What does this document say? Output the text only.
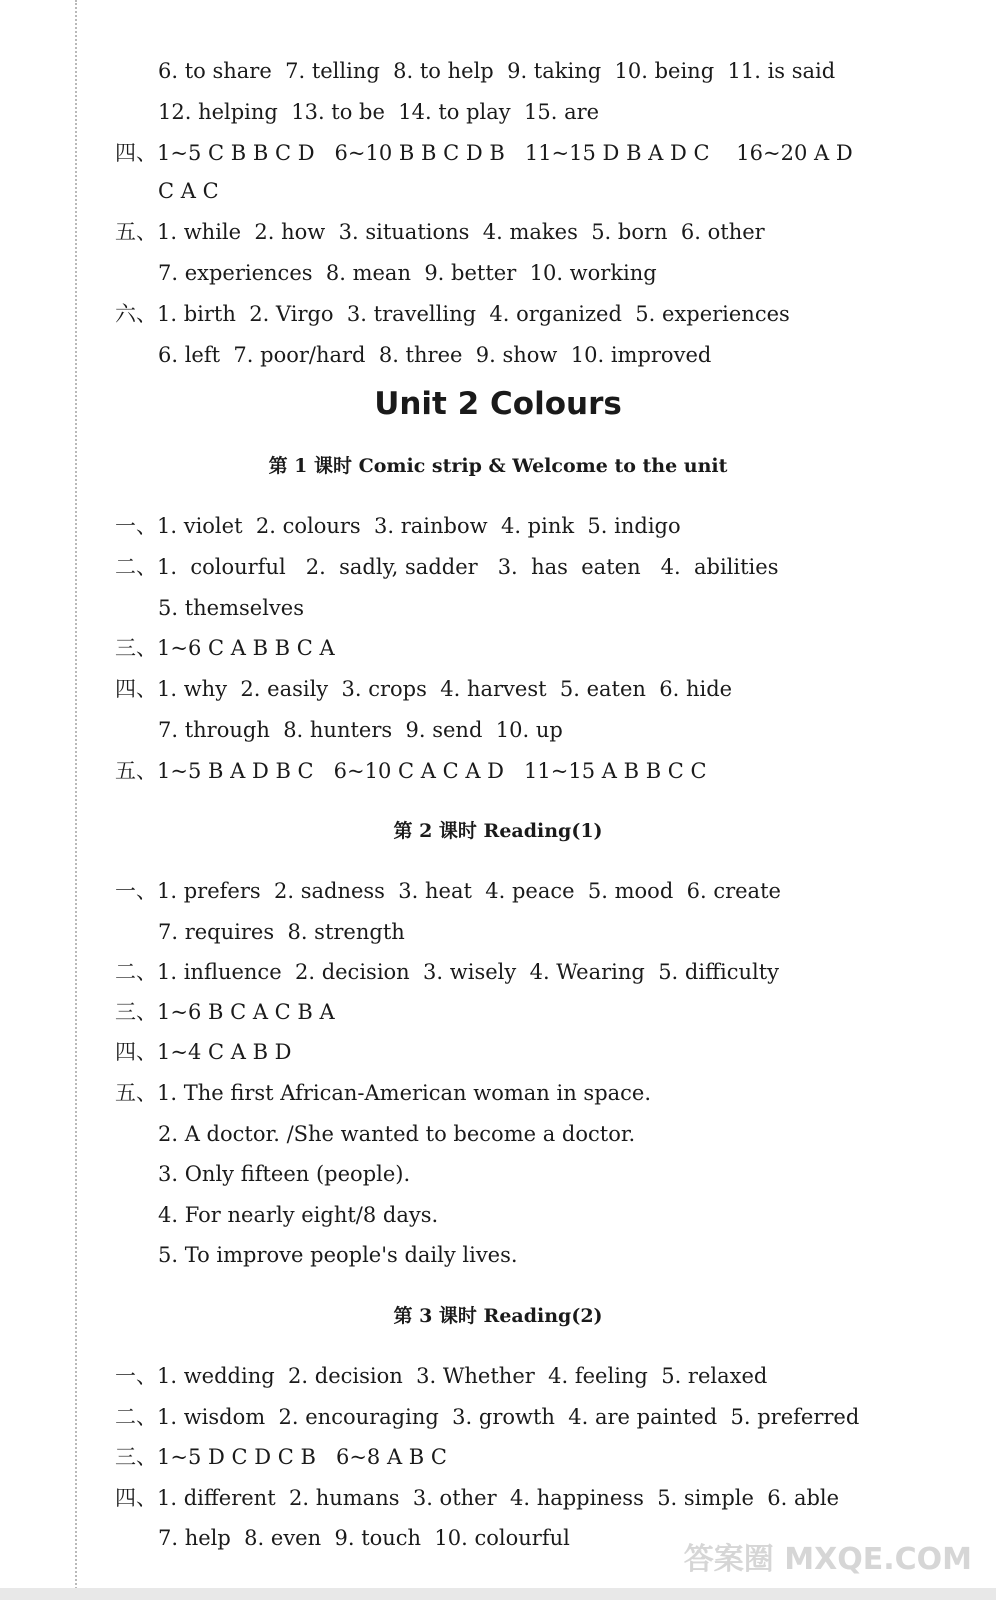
6. to share  7. telling  8. to help  9. taking  10. being  11. is said
12. helping  13. to be  14. to play  15. are
四、1~5 C B B C D   6~10 B B C D B   11~15 D B A D C    16~20 A D
C A C
五、1. while  2. how  3. situations  4. makes  5. born  6. other
7. experiences  8. mean  9. better  10. working
六、1. birth  2. Virgo  3. travelling  4. organized  5. experiences
6. left  7. poor/hard  8. three  9. show  10. improved
一、1. violet  2. colours  3. rainbow  4. pink  5. indigo
二、1.  colourful   2.  sadly, sadder   3.  has  eaten   4.  abilities
5. themselves
三、1~6 C A B B C A
四、1. why  2. easily  3. crops  4. harvest  5. eaten  6. hide
7. through  8. hunters  9. send  10. up
五、1~5 B A D B C   6~10 C A C A D   11~15 A B B C C
一、1. prefers  2. sadness  3. heat  4. peace  5. mood  6. create
7. requires  8. strength
二、1. influence  2. decision  3. wisely  4. Wearing  5. difficulty
三、1~6 B C A C B A
四、1~4 C A B D
五、1. The first African-American woman in space.
2. A doctor. /She wanted to become a doctor.
3. Only fifteen (people).
4. For nearly eight/8 days.
5. To improve people's daily lives.
一、1. wedding  2. decision  3. Whether  4. feeling  5. relaxed
二、1. wisdom  2. encouraging  3. growth  4. are painted  5. preferred
三、1~5 D C D C B   6~8 A B C
四、1. different  2. humans  3. other  4. happiness  5. simple  6. able
7. help  8. even  9. touch  10. colourful
Unit 2 Colours
第 1 课时 Comic strip & Welcome to the unit
第 2 课时 Reading(1)
第 3 课时 Reading(2)
答案圈 MXQE.COM
